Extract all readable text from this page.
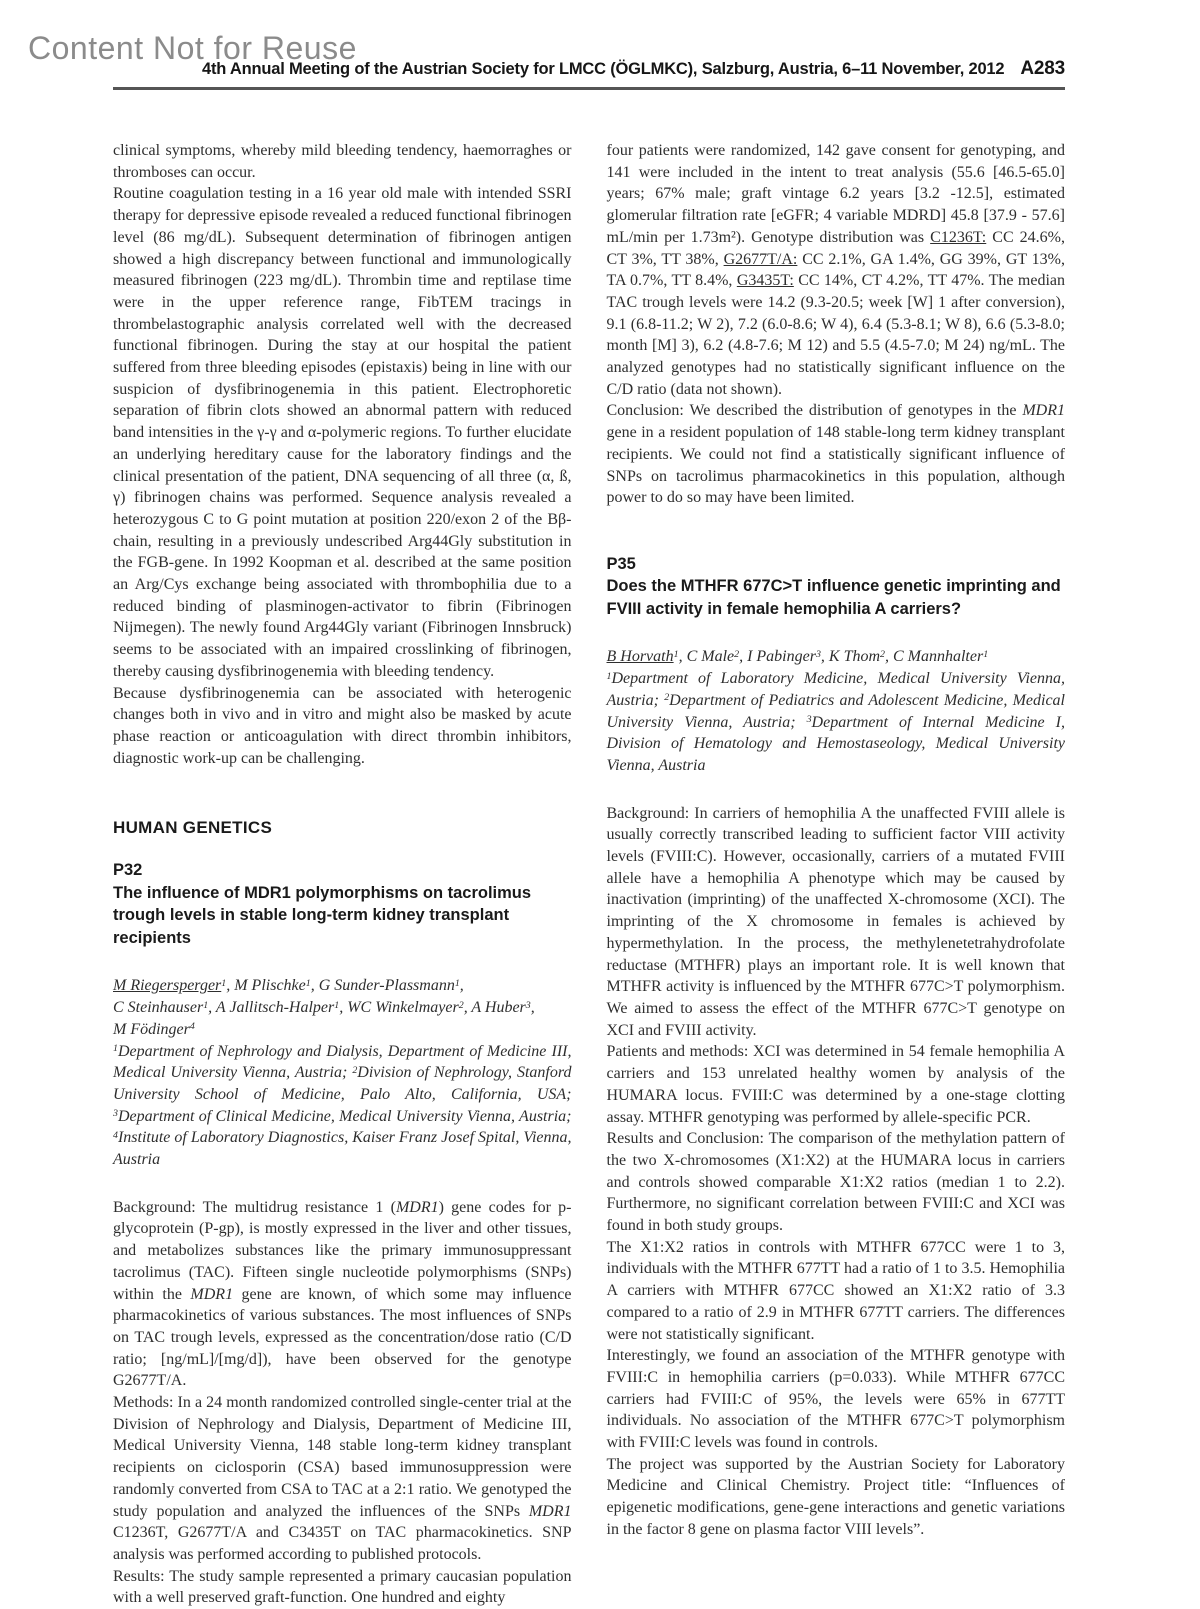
Content Not for Reuse
4th Annual Meeting of the Austrian Society for LMCC (ÖGLMKC), Salzburg, Austria, 6–11 November, 2012 A283
clinical symptoms, whereby mild bleeding tendency, haemorraghes or thromboses can occur.
Routine coagulation testing in a 16 year old male with intended SSRI therapy for depressive episode revealed a reduced functional fibrinogen level (86 mg/dL). Subsequent determination of fibrinogen antigen showed a high discrepancy between functional and immunologically measured fibrinogen (223 mg/dL). Thrombin time and reptilase time were in the upper reference range, FibTEM tracings in thrombelastographic analysis correlated well with the decreased functional fibrinogen. During the stay at our hospital the patient suffered from three bleeding episodes (epistaxis) being in line with our suspicion of dysfibrinogenemia in this patient. Electrophoretic separation of fibrin clots showed an abnormal pattern with reduced band intensities in the γ-γ and α-polymeric regions. To further elucidate an underlying hereditary cause for the laboratory findings and the clinical presentation of the patient, DNA sequencing of all three (α, ß, γ) fibrinogen chains was performed. Sequence analysis revealed a heterozygous C to G point mutation at position 220/exon 2 of the Bβ-chain, resulting in a previously undescribed Arg44Gly substitution in the FGB-gene. In 1992 Koopman et al. described at the same position an Arg/Cys exchange being associated with thrombophilia due to a reduced binding of plasminogen-activator to fibrin (Fibrinogen Nijmegen). The newly found Arg44Gly variant (Fibrinogen Innsbruck) seems to be associated with an impaired crosslinking of fibrinogen, thereby causing dysfibrinogenemia with bleeding tendency.
Because dysfibrinogenemia can be associated with heterogenic changes both in vivo and in vitro and might also be masked by acute phase reaction or anticoagulation with direct thrombin inhibitors, diagnostic work-up can be challenging.
HUMAN GENETICS
P32
The influence of MDR1 polymorphisms on tacrolimus trough levels in stable long-term kidney transplant recipients
M Riegersperger$^1$, M Plischke$^1$, G Sunder-Plassmann$^1$,
C Steinhauser$^1$, A Jallitsch-Halper$^1$, WC Winkelmayer$^2$, A Huber$^3$,
M Födinger$^4$
$^1$Department of Nephrology and Dialysis, Department of Medicine III, Medical University Vienna, Austria; $^2$Division of Nephrology, Stanford University School of Medicine, Palo Alto, California, USA; $^3$Department of Clinical Medicine, Medical University Vienna, Austria; $^4$Institute of Laboratory Diagnostics, Kaiser Franz Josef Spital, Vienna, Austria
Background: The multidrug resistance 1 (MDR1) gene codes for p-glycoprotein (P-gp), is mostly expressed in the liver and other tissues, and metabolizes substances like the primary immunosuppressant tacrolimus (TAC). Fifteen single nucleotide polymorphisms (SNPs) within the MDR1 gene are known, of which some may influence pharmacokinetics of various substances. The most influences of SNPs on TAC trough levels, expressed as the concentration/dose ratio (C/D ratio; [ng/mL]/[mg/d]), have been observed for the genotype G2677T/A.
Methods: In a 24 month randomized controlled single-center trial at the Division of Nephrology and Dialysis, Department of Medicine III, Medical University Vienna, 148 stable long-term kidney transplant recipients on ciclosporin (CSA) based immunosuppression were randomly converted from CSA to TAC at a 2:1 ratio. We genotyped the study population and analyzed the influences of the SNPs MDR1 C1236T, G2677T/A and C3435T on TAC pharmacokinetics. SNP analysis was performed according to published protocols.
Results: The study sample represented a primary caucasian population with a well preserved graft-function. One hundred and eighty
four patients were randomized, 142 gave consent for genotyping, and 141 were included in the intent to treat analysis (55.6 [46.5-65.0] years; 67% male; graft vintage 6.2 years [3.2 -12.5], estimated glomerular filtration rate [eGFR; 4 variable MDRD] 45.8 [37.9 - 57.6] mL/min per 1.73m²). Genotype distribution was C1236T: CC 24.6%, CT 3%, TT 38%, G2677T/A: CC 2.1%, GA 1.4%, GG 39%, GT 13%, TA 0.7%, TT 8.4%, G3435T: CC 14%, CT 4.2%, TT 47%. The median TAC trough levels were 14.2 (9.3-20.5; week [W] 1 after conversion), 9.1 (6.8-11.2; W 2), 7.2 (6.0-8.6; W 4), 6.4 (5.3-8.1; W 8), 6.6 (5.3-8.0; month [M] 3), 6.2 (4.8-7.6; M 12) and 5.5 (4.5-7.0; M 24) ng/mL. The analyzed genotypes had no statistically significant influence on the C/D ratio (data not shown).
Conclusion: We described the distribution of genotypes in the MDR1 gene in a resident population of 148 stable-long term kidney transplant recipients. We could not find a statistically significant influence of SNPs on tacrolimus pharmacokinetics in this population, although power to do so may have been limited.
P35
Does the MTHFR 677C>T influence genetic imprinting and FVIII activity in female hemophilia A carriers?
B Horvath$^1$, C Male$^2$, I Pabinger$^3$, K Thom$^2$, C Mannhalter$^1$
$^1$Department of Laboratory Medicine, Medical University Vienna, Austria; $^2$Department of Pediatrics and Adolescent Medicine, Medical University Vienna, Austria; $^3$Department of Internal Medicine I, Division of Hematology and Hemostaseology, Medical University Vienna, Austria
Background: In carriers of hemophilia A the unaffected FVIII allele is usually correctly transcribed leading to sufficient factor VIII activity levels (FVIII:C). However, occasionally, carriers of a mutated FVIII allele have a hemophilia A phenotype which may be caused by inactivation (imprinting) of the unaffected X-chromosome (XCI). The imprinting of the X chromosome in females is achieved by hypermethylation. In the process, the methylenetetrahydrofolate reductase (MTHFR) plays an important role. It is well known that MTHFR activity is influenced by the MTHFR 677C>T polymorphism. We aimed to assess the effect of the MTHFR 677C>T genotype on XCI and FVIII activity.
Patients and methods: XCI was determined in 54 female hemophilia A carriers and 153 unrelated healthy women by analysis of the HUMARA locus. FVIII:C was determined by a one-stage clotting assay. MTHFR genotyping was performed by allele-specific PCR.
Results and Conclusion: The comparison of the methylation pattern of the two X-chromosomes (X1:X2) at the HUMARA locus in carriers and controls showed comparable X1:X2 ratios (median 1 to 2.2). Furthermore, no significant correlation between FVIII:C and XCI was found in both study groups.
The X1:X2 ratios in controls with MTHFR 677CC were 1 to 3, individuals with the MTHFR 677TT had a ratio of 1 to 3.5. Hemophilia A carriers with MTHFR 677CC showed an X1:X2 ratio of 3.3 compared to a ratio of 2.9 in MTHFR 677TT carriers. The differences were not statistically significant.
Interestingly, we found an association of the MTHFR genotype with FVIII:C in hemophilia carriers (p=0.033). While MTHFR 677CC carriers had FVIII:C of 95%, the levels were 65% in 677TT individuals. No association of the MTHFR 677C>T polymorphism with FVIII:C levels was found in controls.
The project was supported by the Austrian Society for Laboratory Medicine and Clinical Chemistry. Project title: “Influences of epigenetic modifications, gene-gene interactions and genetic variations in the factor 8 gene on plasma factor VIII levels”.
